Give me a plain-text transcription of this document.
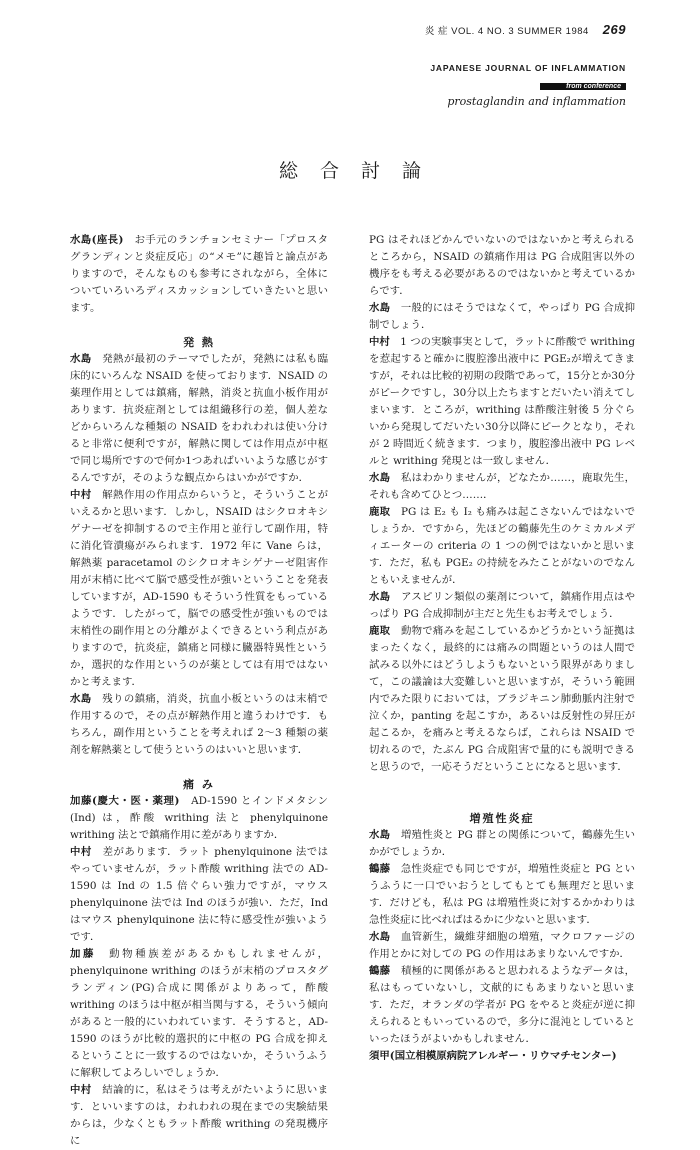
炎 症 VOL. 4 NO. 3 SUMMER 1984 269
JAPANESE JOURNAL OF INFLAMMATION
from conference
prostaglandin and inflammation
総合討論

水島(座長)　 お手元のランチョンセミナー「プロスタグランディンと炎症反応」の“メモ”に趣旨と論点がありますので，そんなものも参考にされながら，全体についていろいろディスカッションしていきたいと思います。

発 熱

水島　 発熱が最初のテーマでしたが，発熱には私も臨床的にいろんな NSAID を使っております．NSAID の薬理作用としては鎮痛，解熱，消炎と抗血小板作用があります．抗炎症剤としては組織移行の差，個人差などからいろんな種類の NSAID をわれわれは使い分けると非常に便利ですが，解熱に関しては作用点が中枢で同じ場所ですので何か1つあればいいような感じがするんですが，そのような観点からはいかがですか．

中村　 解熱作用の作用点からいうと，そういうことがいえるかと思います．しかし，NSAID はシクロオキシゲナーゼを抑制するので主作用と並行して副作用，特に消化管潰瘍がみられます．1972 年に Vane らは，解熱薬 paracetamol のシクロオキシゲナーゼ阻害作用が末梢に比べて脳で感受性が強いということを発表していますが，AD-1590 もそういう性質をもっているようです．したがって，脳での感受性が強いものでは末梢性の副作用との分離がよくできるという利点がありますので，抗炎症，鎮痛と同様に臓器特異性というか，選択的な作用というのが薬としては有用ではないかと考えます．

水島　 残りの鎮痛，消炎，抗血小板というのは末梢で作用するので，その点が解熱作用と違うわけです．もちろん，副作用ということを考えれば 2～3 種類の薬剤を解熱薬として使うというのはいいと思います．

痛 み

加藤(慶大・医・薬理)　 AD-1590 とインドメタシン (Ind) は，酢酸 writhing 法と phenylquinone writhing 法とで鎮痛作用に差がありますか．

中村　 差があります．ラット phenylquinone 法ではやっていませんが，ラット酢酸 writhing 法での AD-1590 は Ind の 1.5 倍ぐらい強力ですが，マウス phenylquinone 法では Ind のほうが強い．ただ，Ind はマウス phenylquinone 法に特に感受性が強いようです．

加藤　 動物種族差があるかもしれませんが，phenylquinone writhing のほうが末梢のプロスタグランディン(PG)合成に関係がよりあって，酢酸 writhing のほうは中枢が相当関与する，そういう傾向があると一般的にいわれています．そうすると，AD-1590 のほうが比較的選択的に中枢の PG 合成を抑えるということに一致するのではないか，そういうふうに解釈してよろしいでしょうか．

中村　 結論的に，私はそうは考えがたいように思います．といいますのは，われわれの現在までの実験結果からは，少なくともラット酢酸 writhing の発現機序に

PG はそれほどかんでいないのではないかと考えられるところから，NSAID の鎮痛作用は PG 合成阻害以外の機序をも考える必要があるのではないかと考えているからです．

水島　 一般的にはそうではなくて，やっぱり PG 合成抑制でしょう．

中村　 1 つの実験事実として，ラットに酢酸で writhing を惹起すると確かに腹腔滲出液中に PGE₂が増えてきますが，それは比較的初期の段階であって，15分とか30分がピークですし，30分以上たちますとだいたい消えてしまいます．ところが，writhing は酢酸注射後 5 分ぐらいから発現してだいたい30分以降にピークとなり，それが 2 時間近く続きます．つまり，腹腔滲出液中 PG レベルと writhing 発現とは一致しません．

水島　 私はわかりませんが，どなたか……，鹿取先生，それも含めてひとつ……．

鹿取　 PG は E₂ も I₂ も痛みは起こさないんではないでしょうか．ですから，先ほどの鶴藤先生のケミカルメディエーターの criteria の 1 つの例ではないかと思います．ただ，私も PGE₂ の持続をみたことがないのでなんともいえませんが．

水島　 アスピリン類似の薬剤について，鎮痛作用点はやっぱり PG 合成抑制が主だと先生もお考えでしょう．

鹿取　 動物で痛みを起こしているかどうかという証拠はまったくなく，最終的には痛みの問題というのは人間で試みる以外にはどうしようもないという限界がありまして，この議論は大変難しいと思いますが，そういう範囲内でみた限りにおいては，ブラジキニン肺動脈内注射で泣くか，panting を起こすか，あるいは反射性の昇圧が起こるか，を痛みと考えるならば，これらは NSAID で切れるので，たぶん PG 合成阻害で量的にも説明できると思うので，一応そうだということになると思います．

増殖性炎症

水島　 増殖性炎と PG 群との関係について，鶴藤先生いかがでしょうか．

鶴藤　 急性炎症でも同じですが，増殖性炎症と PG というふうに一口でいおうとしてもとても無理だと思います．だけども，私は PG は増殖性炎に対するかかわりは急性炎症に比べればはるかに少ないと思います．

水島　 血管新生，繊維芽細胞の増殖，マクロファージの作用とかに対しての PG の作用はあまりないんですか．

鶴藤　 積極的に関係があると思われるようなデータは，私はもっていないし，文献的にもあまりないと思います．ただ，オランダの学者が PG をやると炎症が逆に抑えられるともいっているので，多分に混沌としているといったほうがよいかもしれません．

須甲(国立相模原病院アレルギー・リウマチセンター)　
